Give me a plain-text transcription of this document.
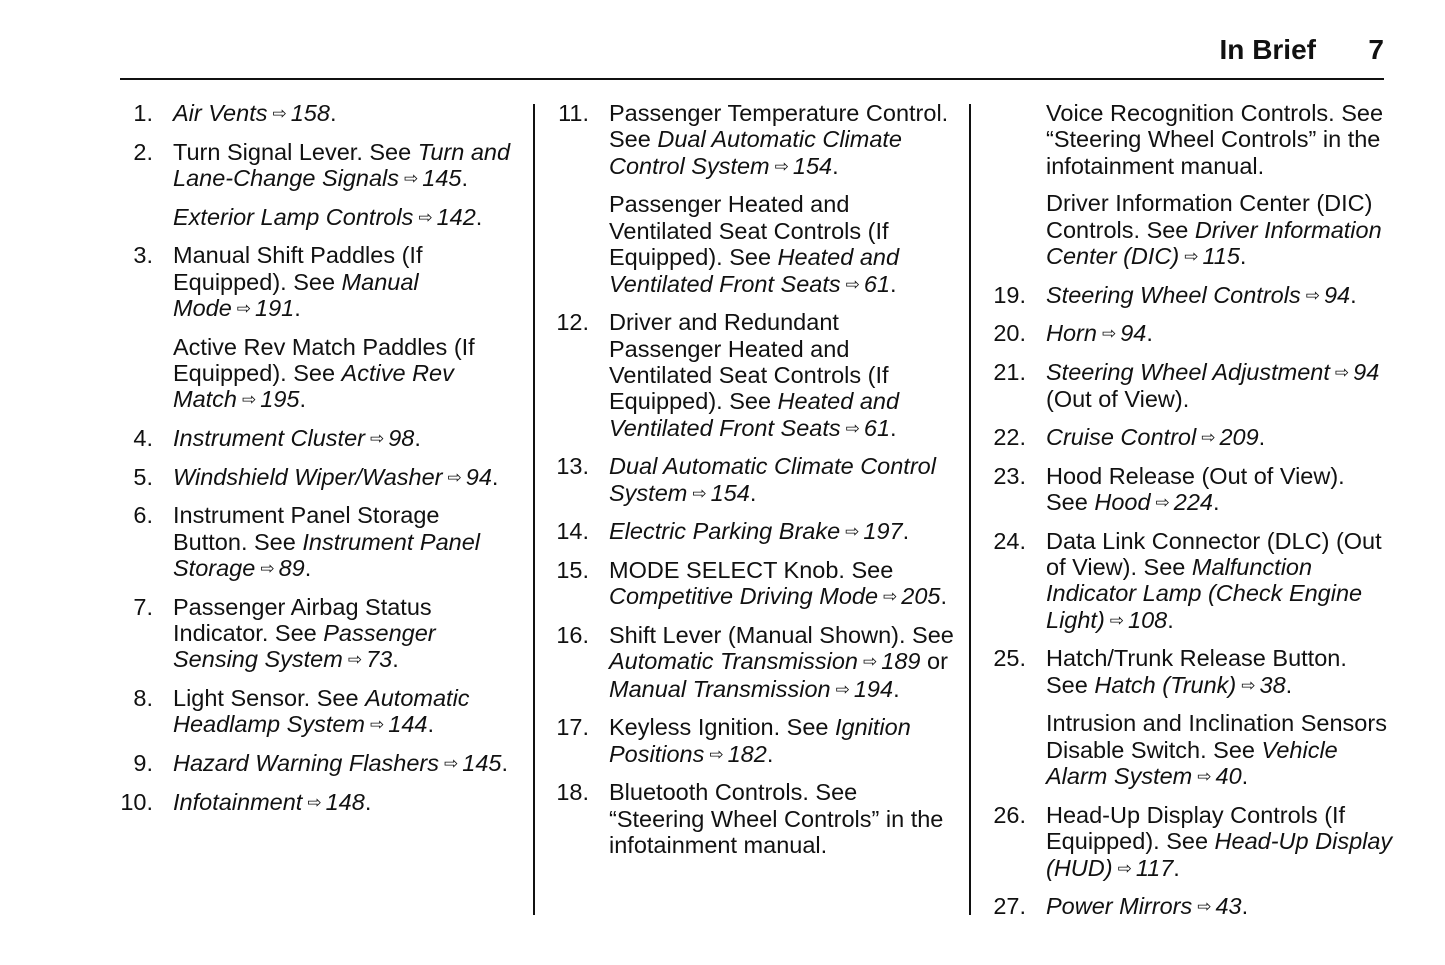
In Brief 7
1. Air Vents ⇨ 158.
2. Turn Signal Lever. See Turn and Lane-Change Signals ⇨ 145.
Exterior Lamp Controls ⇨ 142.
3. Manual Shift Paddles (If Equipped). See Manual Mode ⇨ 191.
Active Rev Match Paddles (If Equipped). See Active Rev Match ⇨ 195.
4. Instrument Cluster ⇨ 98.
5. Windshield Wiper/Washer ⇨ 94.
6. Instrument Panel Storage Button. See Instrument Panel Storage ⇨ 89.
7. Passenger Airbag Status Indicator. See Passenger Sensing System ⇨ 73.
8. Light Sensor. See Automatic Headlamp System ⇨ 144.
9. Hazard Warning Flashers ⇨ 145.
10. Infotainment ⇨ 148.
11. Passenger Temperature Control. See Dual Automatic Climate Control System ⇨ 154.
Passenger Heated and Ventilated Seat Controls (If Equipped). See Heated and Ventilated Front Seats ⇨ 61.
12. Driver and Redundant Passenger Heated and Ventilated Seat Controls (If Equipped). See Heated and Ventilated Front Seats ⇨ 61.
13. Dual Automatic Climate Control System ⇨ 154.
14. Electric Parking Brake ⇨ 197.
15. MODE SELECT Knob. See Competitive Driving Mode ⇨ 205.
16. Shift Lever (Manual Shown). See Automatic Transmission ⇨ 189 or Manual Transmission ⇨ 194.
17. Keyless Ignition. See Ignition Positions ⇨ 182.
18. Bluetooth Controls. See “Steering Wheel Controls” in the infotainment manual.
Voice Recognition Controls. See “Steering Wheel Controls” in the infotainment manual.
Driver Information Center (DIC) Controls. See Driver Information Center (DIC) ⇨ 115.
19. Steering Wheel Controls ⇨ 94.
20. Horn ⇨ 94.
21. Steering Wheel Adjustment ⇨ 94 (Out of View).
22. Cruise Control ⇨ 209.
23. Hood Release (Out of View). See Hood ⇨ 224.
24. Data Link Connector (DLC) (Out of View). See Malfunction Indicator Lamp (Check Engine Light) ⇨ 108.
25. Hatch/Trunk Release Button. See Hatch (Trunk) ⇨ 38.
Intrusion and Inclination Sensors Disable Switch. See Vehicle Alarm System ⇨ 40.
26. Head-Up Display Controls (If Equipped). See Head-Up Display (HUD) ⇨ 117.
27. Power Mirrors ⇨ 43.
